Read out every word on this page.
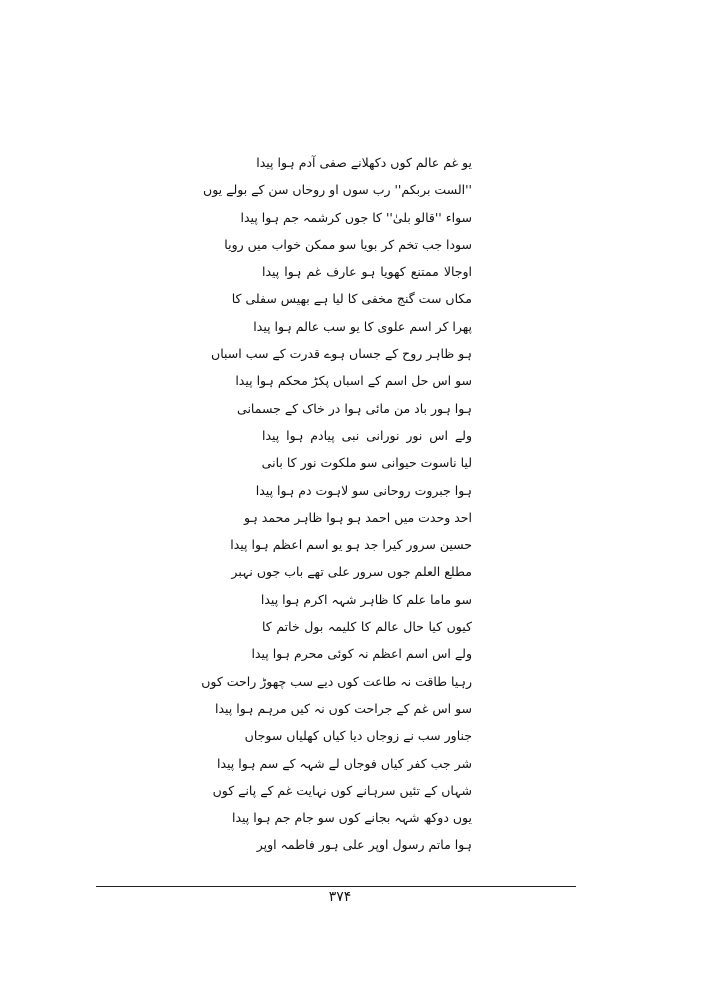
یو غم عالم کوں دکھلانے صفی آدم ہوا پیدا
''الست بربکم'' رب سوں او روحاں سن کے بولے یوں
سواء ''قالو بلیٰ'' کا جوں کرشمہ جم ہوا پیدا
سودا جب تخم کر بویا سو ممکن خواب میں رویا
اوجالا ممتنع کھویا ہو عارف غم ہوا پیدا
مکاں ست گنج مخفی کا لیا ہے بھیس سفلی کا
پھرا کر اسم علوی کا یو سب عالم ہوا پیدا
ہو ظاہر روح کے جساں ہوے قدرت کے سب اسباں
سو اس حل اسم کے اسباں پکڑ محکم ہوا پیدا
ہوا ہور باد من مائی ہوا در خاک کے جسمانی
ولے اس نور نورانی نبی پیادم ہوا پیدا
لیا ناسوت حیوانی سو ملکوت نور کا بانی
ہوا جبروت روحانی سو لاہوت دم ہوا پیدا
احد وحدت میں احمد ہو ہوا ظاہر محمد ہو
حسین سرور کیرا جد ہو یو اسم اعظم ہوا پیدا
مطلع العلم جوں سرور علی تھے باب جوں نہبر
سو ماما علم کا ظاہر شہہ اکرم ہوا پیدا
کیوں کیا حال عالم کا کلیمہ بول خاتم کا
ولے اس اسم اعظم نہ کوئی محرم ہوا پیدا
رہیا طاقت نہ طاعت کوں دیے سب چھوڑ راحت کوں
سو اس غم کے جراحت کوں نہ کیں مرہم ہوا پیدا
جناور سب نے زوجاں دیا کیاں کھلیاں سوجاں
شر جب کفر کیاں فوجاں لے شہہ کے سم ہوا پیدا
شہاں کے تئیں سرہانے کوں نہایت غم کے پانے کوں
یوں دوکھ شہہ بجانے کوں سو جام جم ہوا پیدا
ہوا ماتم رسول اوپر علی ہور فاطمہ اوپر
۳۷۴
